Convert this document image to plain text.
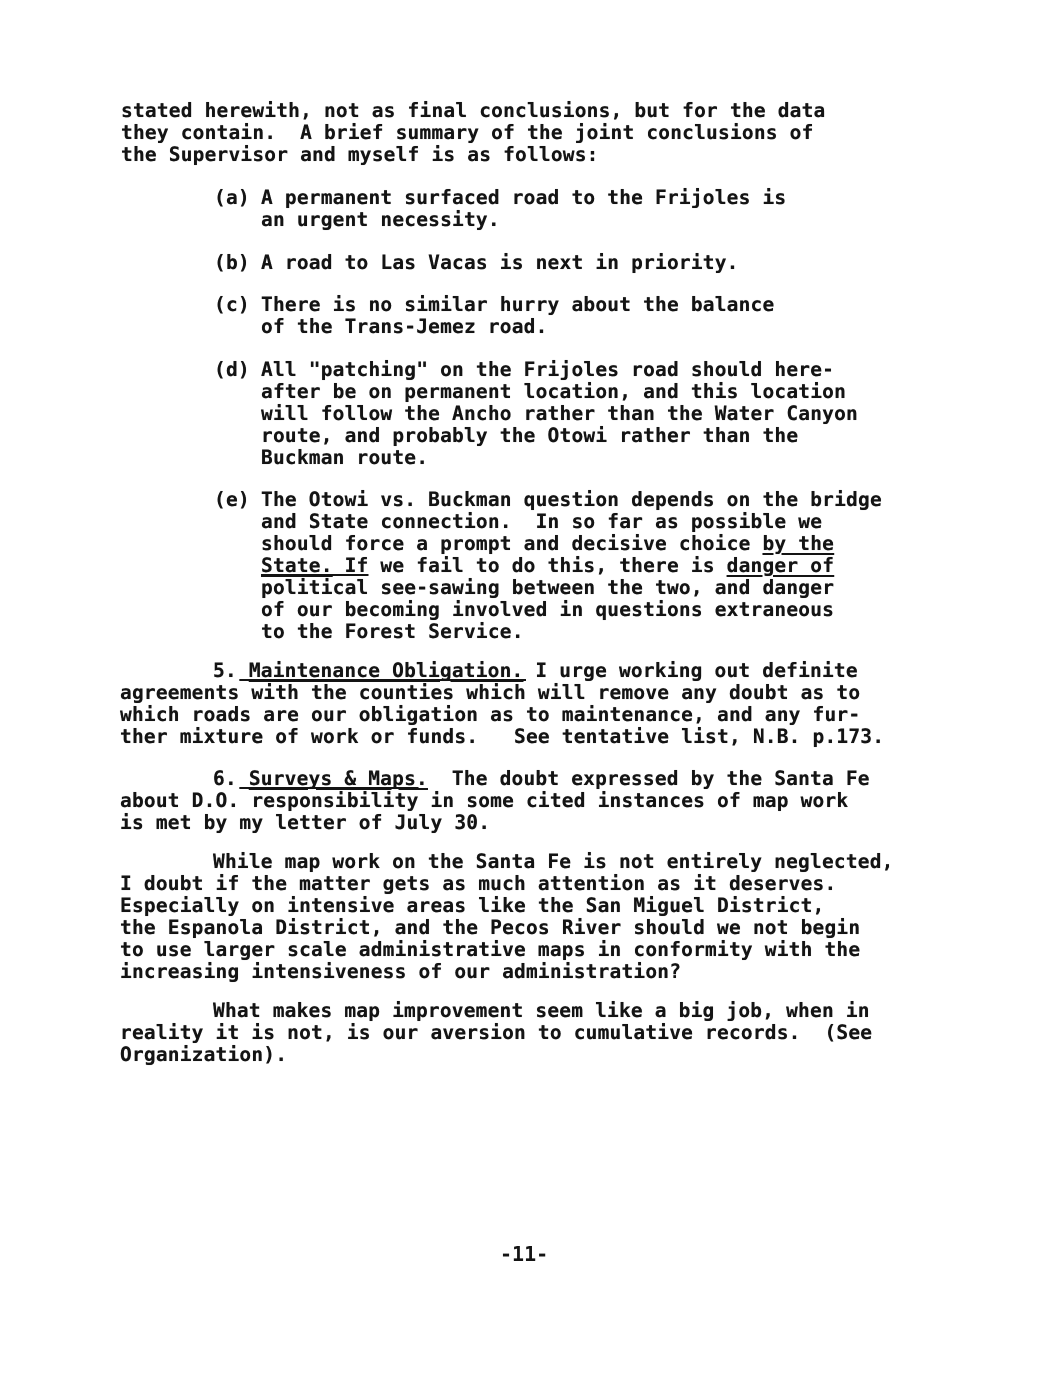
stated herewith, not as final conclusions, but for the data
they contain.  A brief summary of the joint conclusions of
the Supervisor and myself is as follows:
(a) A permanent surfaced road to the Frijoles is
an urgent necessity.
(b) A road to Las Vacas is next in priority.
(c) There is no similar hurry about the balance
of the Trans-Jemez road.
(d) All "patching" on the Frijoles road should here-
after be on permanent location, and this location
will follow the Ancho rather than the Water Canyon
route, and probably the Otowi rather than the
Buckman route.
(e) The Otowi vs. Buckman question depends on the bridge
and State connection.  In so far as possible we
should force a prompt and decisive choice by the
State. If we fail to do this, there is danger of
political see-sawing between the two, and danger
of our becoming involved in questions extraneous
to the Forest Service.
5. Maintenance Obligation. I urge working out definite
agreements with the counties which will remove any doubt as to
which roads are our obligation as to maintenance, and any fur-
ther mixture of work or funds.   See tentative list, N.B. p.173.
6. Surveys & Maps.  The doubt expressed by the Santa Fe
about D.O. responsibility in some cited instances of map work
is met by my letter of July 30.
While map work on the Santa Fe is not entirely neglected,
I doubt if the matter gets as much attention as it deserves.
Especially on intensive areas like the San Miguel District,
the Espanola District, and the Pecos River should we not begin
to use larger scale administrative maps in conformity with the
increasing intensiveness of our administration?
What makes map improvement seem like a big job, when in
reality it is not, is our aversion to cumulative records.  (See
Organization).
-11-
